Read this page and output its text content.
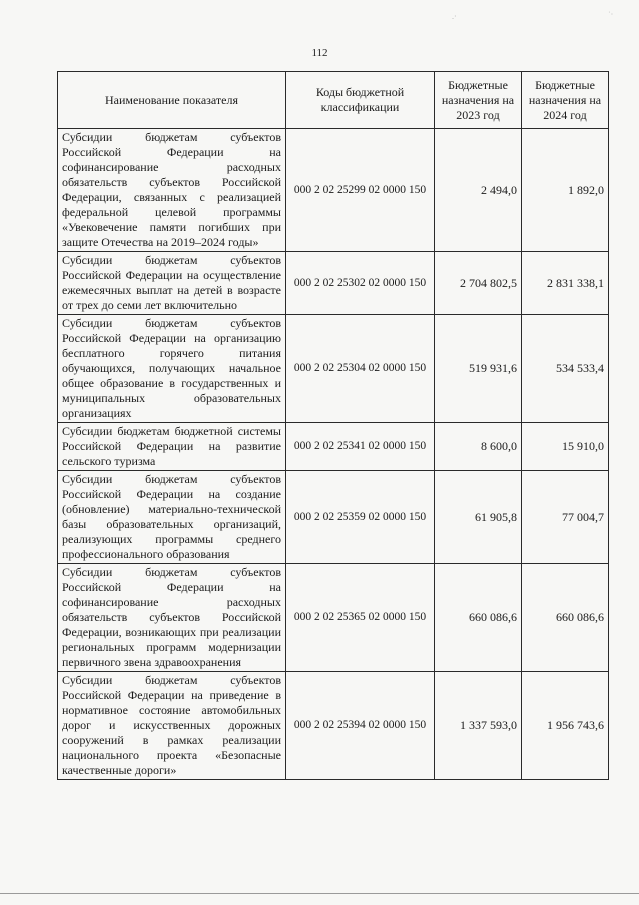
.·	˙·
112
Наименование показателя	Коды бюджетной классификации	Бюджетные назначения на 2023 год	Бюджетные назначения на 2024 год
Субсидии бюджетам субъектов Российской Федерации на софинансирование расходных обязательств субъектов Российской Федерации, связанных с реализацией федеральной целевой программы «Увековечение памяти погибших при защите Отечества на 2019–2024 годы»	000 2 02 25299 02 0000 150	2 494,0	1 892,0
Субсидии бюджетам субъектов Российской Федерации на осуществление ежемесячных выплат на детей в возрасте от трех до семи лет включительно	000 2 02 25302 02 0000 150	2 704 802,5	2 831 338,1
Субсидии бюджетам субъектов Российской Федерации на организацию бесплатного горячего питания обучающихся, получающих начальное общее образование в государственных и муниципальных образовательных организациях	000 2 02 25304 02 0000 150	519 931,6	534 533,4
Субсидии бюджетам бюджетной системы Российской Федерации на развитие сельского туризма	000 2 02 25341 02 0000 150	8 600,0	15 910,0
Субсидии бюджетам субъектов Российской Федерации на создание (обновление) материально-технической базы образовательных организаций, реализующих программы среднего профессионального образования	000 2 02 25359 02 0000 150	61 905,8	77 004,7
Субсидии бюджетам субъектов Российской Федерации на софинансирование расходных обязательств субъектов Российской Федерации, возникающих при реализации региональных программ модернизации первичного звена здравоохранения	000 2 02 25365 02 0000 150	660 086,6	660 086,6
Субсидии бюджетам субъектов Российской Федерации на приведение в нормативное состояние автомобильных дорог и искусственных дорожных сооружений в рамках реализации национального проекта «Безопасные качественные дороги»	000 2 02 25394 02 0000 150	1 337 593,0	1 956 743,6
